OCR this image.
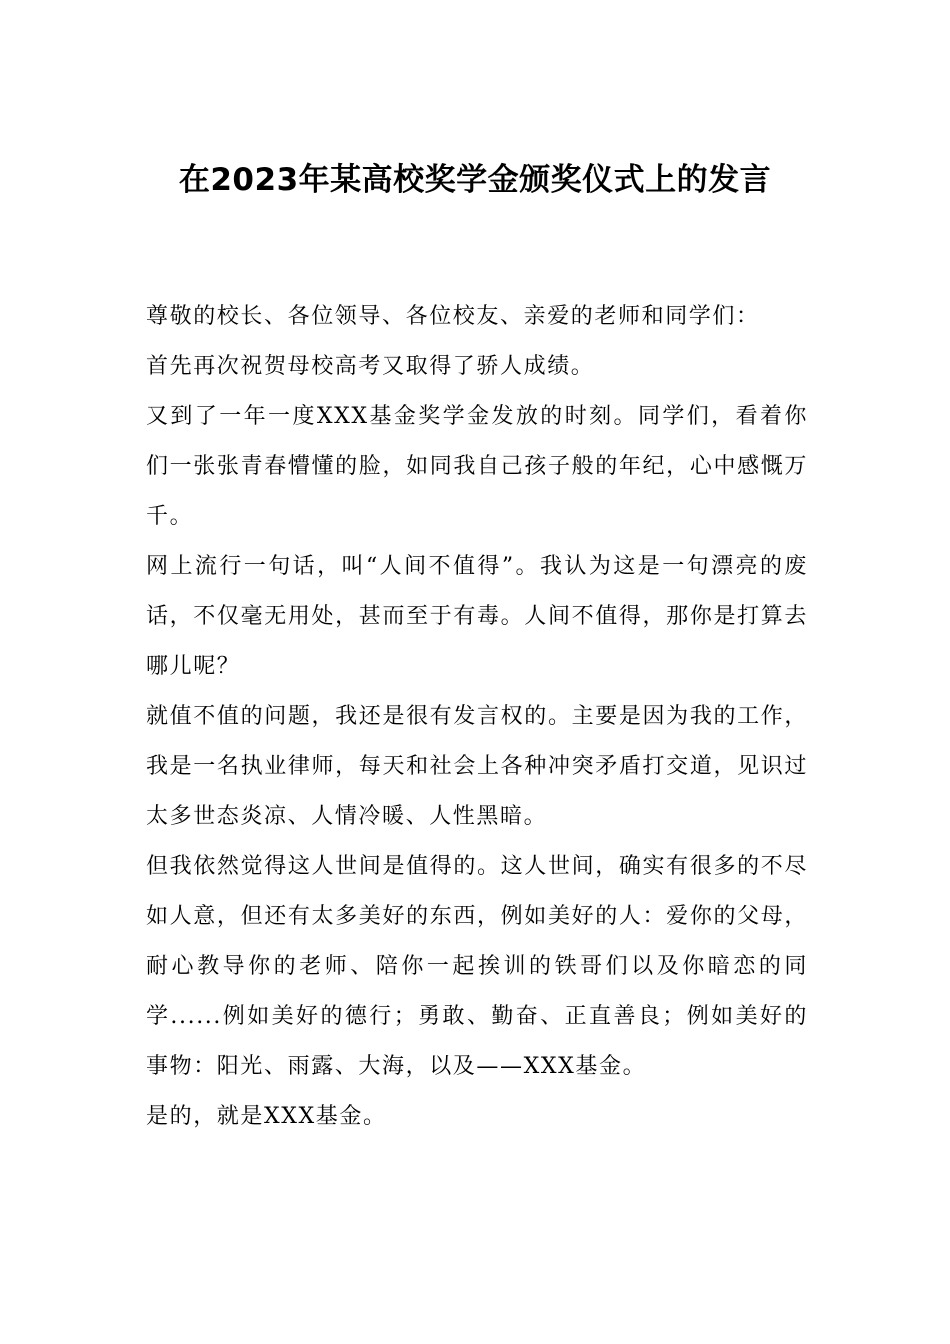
在2023年某高校奖学金颁奖仪式上的发言

尊敬的校长、各位领导、各位校友、亲爱的老师和同学们：

首先再次祝贺母校高考又取得了骄人成绩。

又到了一年一度XXX基金奖学金发放的时刻。同学们，看着你们一张张青春懵懂的脸，如同我自己孩子般的年纪，心中感慨万千。

网上流行一句话，叫“人间不值得”。我认为这是一句漂亮的废话，不仅毫无用处，甚而至于有毒。人间不值得，那你是打算去哪儿呢？

就值不值的问题，我还是很有发言权的。主要是因为我的工作，我是一名执业律师，每天和社会上各种冲突矛盾打交道，见识过太多世态炎凉、人情冷暖、人性黑暗。

但我依然觉得这人世间是值得的。这人世间，确实有很多的不尽如人意，但还有太多美好的东西，例如美好的人：爱你的父母，耐心教导你的老师、陪你一起挨训的铁哥们以及你暗恋的同学......例如美好的德行；勇敢、勤奋、正直善良；例如美好的事物：阳光、雨露、大海，以及——XXX基金。

是的，就是XXX基金。
